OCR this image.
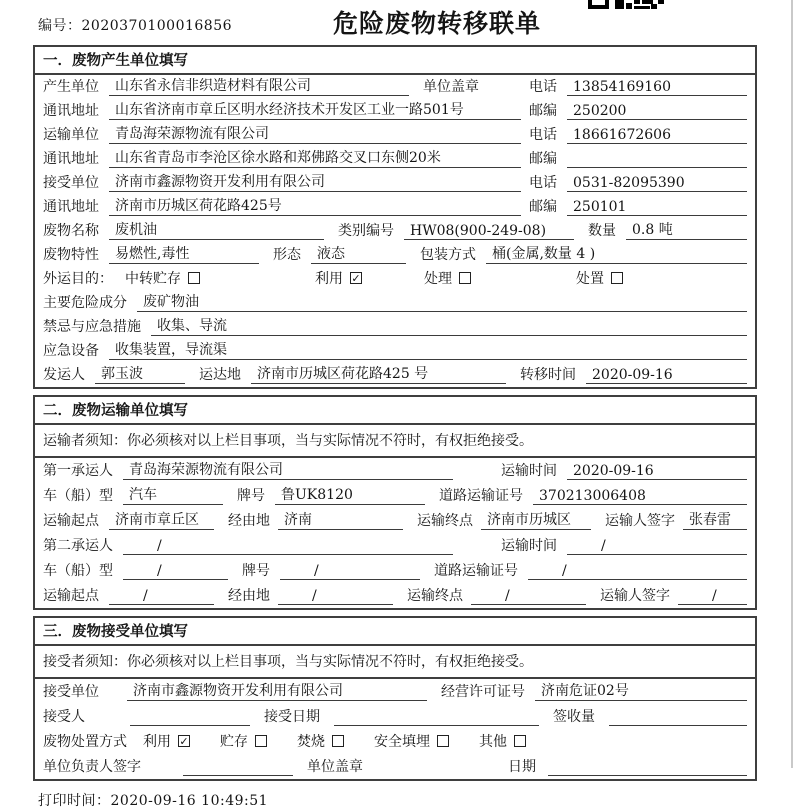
编号：2020370100016856	危险废物转移联单
一．废物产生单位填写
产生单位	山东省永信非织造材料有限公司	单位盖章	电话	13854169160
通讯地址	山东省济南市章丘区明水经济技术开发区工业一路501号	邮编	250200
运输单位	青岛海荣源物流有限公司	电话	18661672606
通讯地址	山东省青岛市李沧区徐水路和郑佛路交叉口东侧20米	邮编
接受单位	济南市鑫源物资开发利用有限公司	电话	0531-82095390
通讯地址	济南市历城区荷花路425号	邮编	250101
废物名称	废机油	类别编号	HW08(900-249-08)	数量	0.8 吨
废物特性	易燃性,毒性	形态	液态	包装方式	桶(金属,数量 4 )
外运目的： 中转贮存	利用 ✓	处理	处置
主要危险成分	废矿物油
禁忌与应急措施	收集、导流
应急设备	收集装置，导流渠
发运人	郭玉波	运达地	济南市历城区荷花路425 号	转移时间	2020-09-16
二．废物运输单位填写
运输者须知：你必须核对以上栏目事项，当与实际情况不符时，有权拒绝接受。
第一承运人	青岛海荣源物流有限公司	运输时间	2020-09-16
车（船）型	汽车	牌号	鲁UK8120	道路运输证号	370213006408
运输起点	济南市章丘区	经由地	济南	运输终点	济南市历城区	运输人签字	张春雷
第二承运人	/	运输时间	/
车（船）型	/	牌号	/	道路运输证号	/
运输起点	/	经由地	/	运输终点	/	运输人签字	/
三．废物接受单位填写
接受者须知：你必须核对以上栏目事项，当与实际情况不符时，有权拒绝接受。
接受单位	济南市鑫源物资开发利用有限公司	经营许可证号	济南危证02号
接受人	接受日期	签收量
废物处置方式 利用 ✓ 贮存	焚烧	安全填埋	其他
单位负责人签字	单位盖章	日期
打印时间：2020-09-16 10:49:51
